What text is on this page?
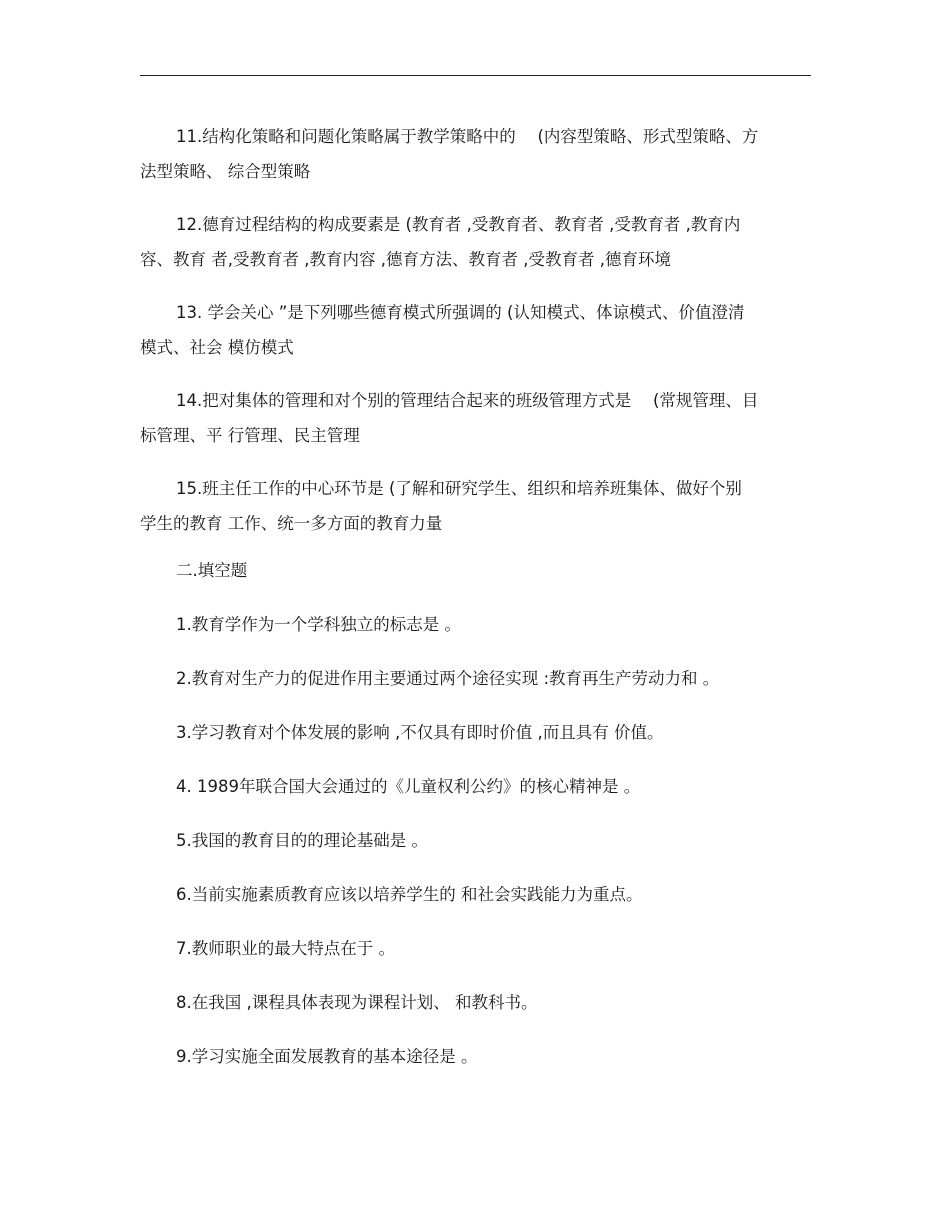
11.结构化策略和问题化策略属于教学策略中的　 (内容型策略、形式型策略、方
法型策略、 综合型策略

12.德育过程结构的构成要素是 (教育者 ,受教育者、教育者 ,受教育者 ,教育内
容、教育 者,受教育者 ,教育内容 ,德育方法、教育者 ,受教育者 ,德育环境

13. 学会关心 ”是下列哪些德育模式所强调的 (认知模式、体谅模式、价值澄清
模式、社会 模仿模式

14.把对集体的管理和对个别的管理结合起来的班级管理方式是　 (常规管理、目
标管理、平 行管理、民主管理

15.班主任工作的中心环节是 (了解和研究学生、组织和培养班集体、做好个别
学生的教育 工作、统一多方面的教育力量

二.填空题

1.教育学作为一个学科独立的标志是 。

2.教育对生产力的促进作用主要通过两个途径实现 :教育再生产劳动力和 。

3.学习教育对个体发展的影响 ,不仅具有即时价值 ,而且具有 价值。

4. 1989年联合国大会通过的《儿童权利公约》的核心精神是 。

5.我国的教育目的的理论基础是 。

6.当前实施素质教育应该以培养学生的 和社会实践能力为重点。

7.教师职业的最大特点在于 。

8.在我国 ,课程具体表现为课程计划、 和教科书。

9.学习实施全面发展教育的基本途径是 。
